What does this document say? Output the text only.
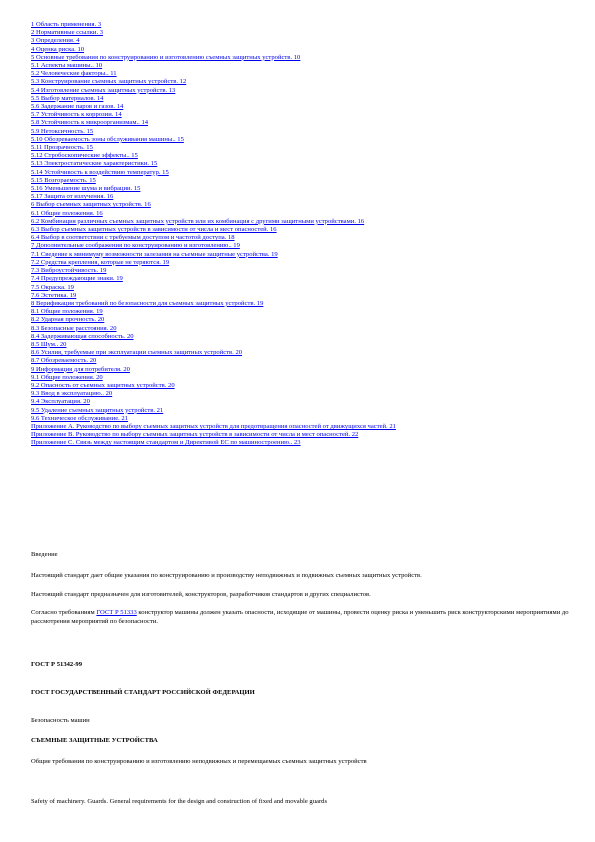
1 Область применения. 3
2 Нормативные ссылки. 3
3 Определения. 4
4 Оценка риска. 10
5 Основные требования по конструированию и изготовлению съемных защитных устройств. 10
5.1 Аспекты машины.. 10
5.2 Человеческие факторы.. 11
5.3 Конструирование съемных защитных устройств. 12
5.4 Изготовление съемных защитных устройств. 13
5.5 Выбор материалов. 14
5.6 Задержание паров и газов. 14
5.7 Устойчивость к коррозии. 14
5.8 Устойчивость к микроорганизмам.. 14
5.9 Нетоксичность. 15
5.10 Обозреваемость зоны обслуживания машины.. 15
5.11 Прозрачность. 15
5.12 Стробоскопические эффекты.. 15
5.13 Электростатические характеристики. 15
5.14 Устойчивость к воздействию температур. 15
5.15 Возгораемость. 15
5.16 Уменьшение шума и вибрации. 15
5.17 Защита от излучения. 16
6 Выбор съемных защитных устройств. 16
6.1 Общие положения. 16
6.2 Комбинация различных съемных защитных устройств или их комбинация с другими защитными устройствами. 16
6.3 Выбор съемных защитных устройств в зависимости от числа и мест опасностей. 16
6.4 Выбор в соответствии с требуемым доступом и частотой доступа. 18
7 Дополнительные соображения по конструированию и изготовлению.. 19
7.1 Сведение к минимуму возможности залезания на съемные защитные устройства. 19
7.2 Средства крепления, которые не теряются. 19
7.3 Виброустойчивость. 19
7.4 Предупреждающие знаки. 19
7.5 Окраска. 19
7.6 Эстетика. 19
8 Верификация требований по безопасности для съемных защитных устройств. 19
8.1 Общие положения. 19
8.2 Ударная прочность. 20
8.3 Безопасные расстояния. 20
8.4 Задерживающая способность. 20
8.5 Шум.. 20
8.6 Усилия, требуемые при эксплуатации съемных защитных устройств. 20
8.7 Обозреваемость. 20
9 Информация для потребителя. 20
9.1 Общие положения. 20
9.2 Опасность от съемных защитных устройств. 20
9.3 Ввод в эксплуатацию.. 20
9.4 Эксплуатация. 20
9.5 Удаление съемных защитных устройств. 21
9.6 Техническое обслуживание. 21
Приложение A. Руководство по выбору съемных защитных устройств для предотвращения опасностей от движущихся частей. 21
Приложение B. Руководство по выбору съемных защитных устройств в зависимости от числа и мест опасностей. 22
Приложение C. Связь между настоящим стандартом и Директивой ЕС по машиностроению.. 23
Введение
Настоящий стандарт дает общие указания по конструированию и производству неподвижных и подвижных съемных защитных устройств.
Настоящий стандарт предназначен для изготовителей, конструкторов, разработчиков стандартов и других специалистов.
Согласно требованиям ГОСТ Р 51333 конструктор машины должен указать опасности, исходящие от машины, провести оценку риска и уменьшить риск конструкторскими мероприятиями до рассмотрения мероприятий по безопасности.
ГОСТ Р 51342-99
ГОСТ ГОСУДАРСТВЕННЫЙ СТАНДАРТ РОССИЙСКОЙ ФЕДЕРАЦИИ
Безопасность машин
СЪЕМНЫЕ ЗАЩИТНЫЕ УСТРОЙСТВА
Общие требования по конструированию и изготовлению неподвижных и перемещаемых съемных защитных устройств
Safety of machinery. Guards. General requirements for the design and construction of fixed and movable guards
